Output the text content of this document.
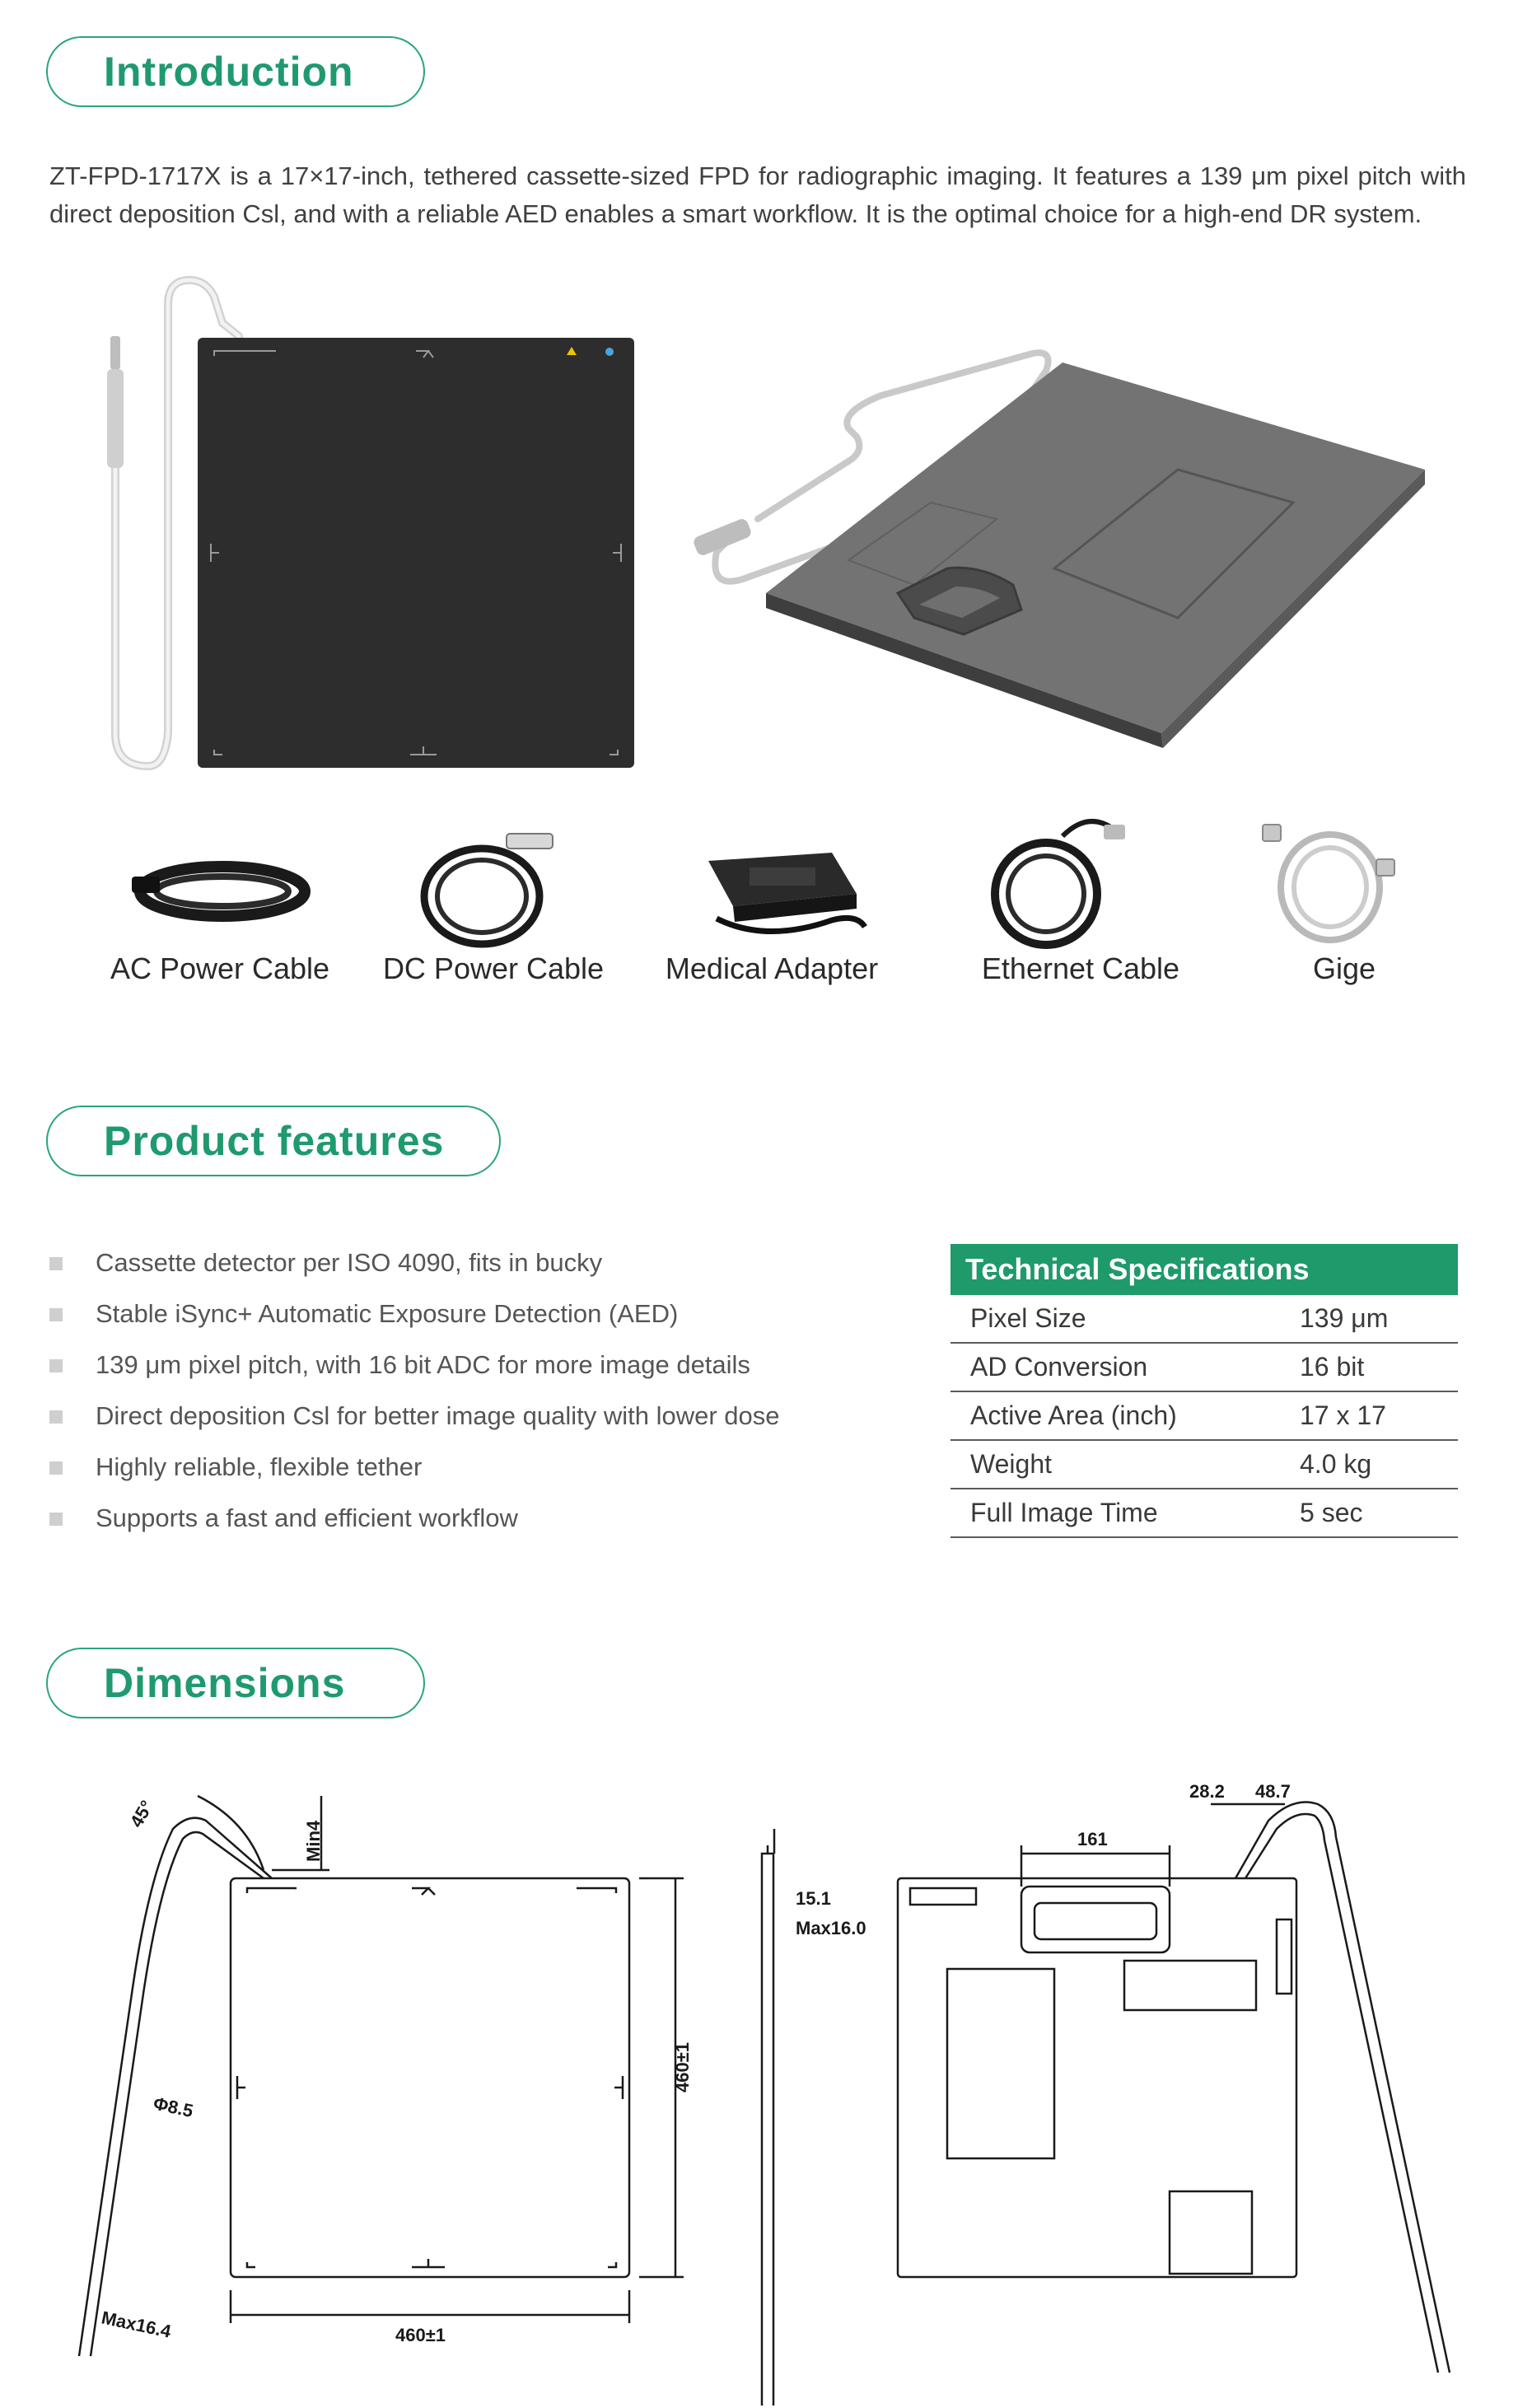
Introduction

ZT-FPD-1717X is a 17×17-inch, tethered cassette-sized FPD for radiographic imaging. It features a 139 μm pixel pitch with direct deposition Csl, and with a reliable AED enables a smart workflow. It is the optimal choice for a high-end DR system.

AC Power Cable	DC Power Cable	Medical Adapter	Ethernet Cable	Gige
Product features
Cassette detector per ISO 4090, fits in bucky
Stable iSync+ Automatic Exposure Detection (AED)
139 μm pixel pitch, with 16 bit ADC for more image details
Direct deposition Csl for better image quality with lower dose
Highly reliable, flexible tether
Supports a fast and efficient workflow
Technical Specifications
Pixel Size	139 μm
AD Conversion	16 bit
Active Area (inch)	17 x 17
Weight	4.0 kg
Full Image Time	5 sec
Dimensions
45°
Min4
Φ8.5
Max16.4
460±1
460±1
15.1
Max16.0
161
28.2 48.7
